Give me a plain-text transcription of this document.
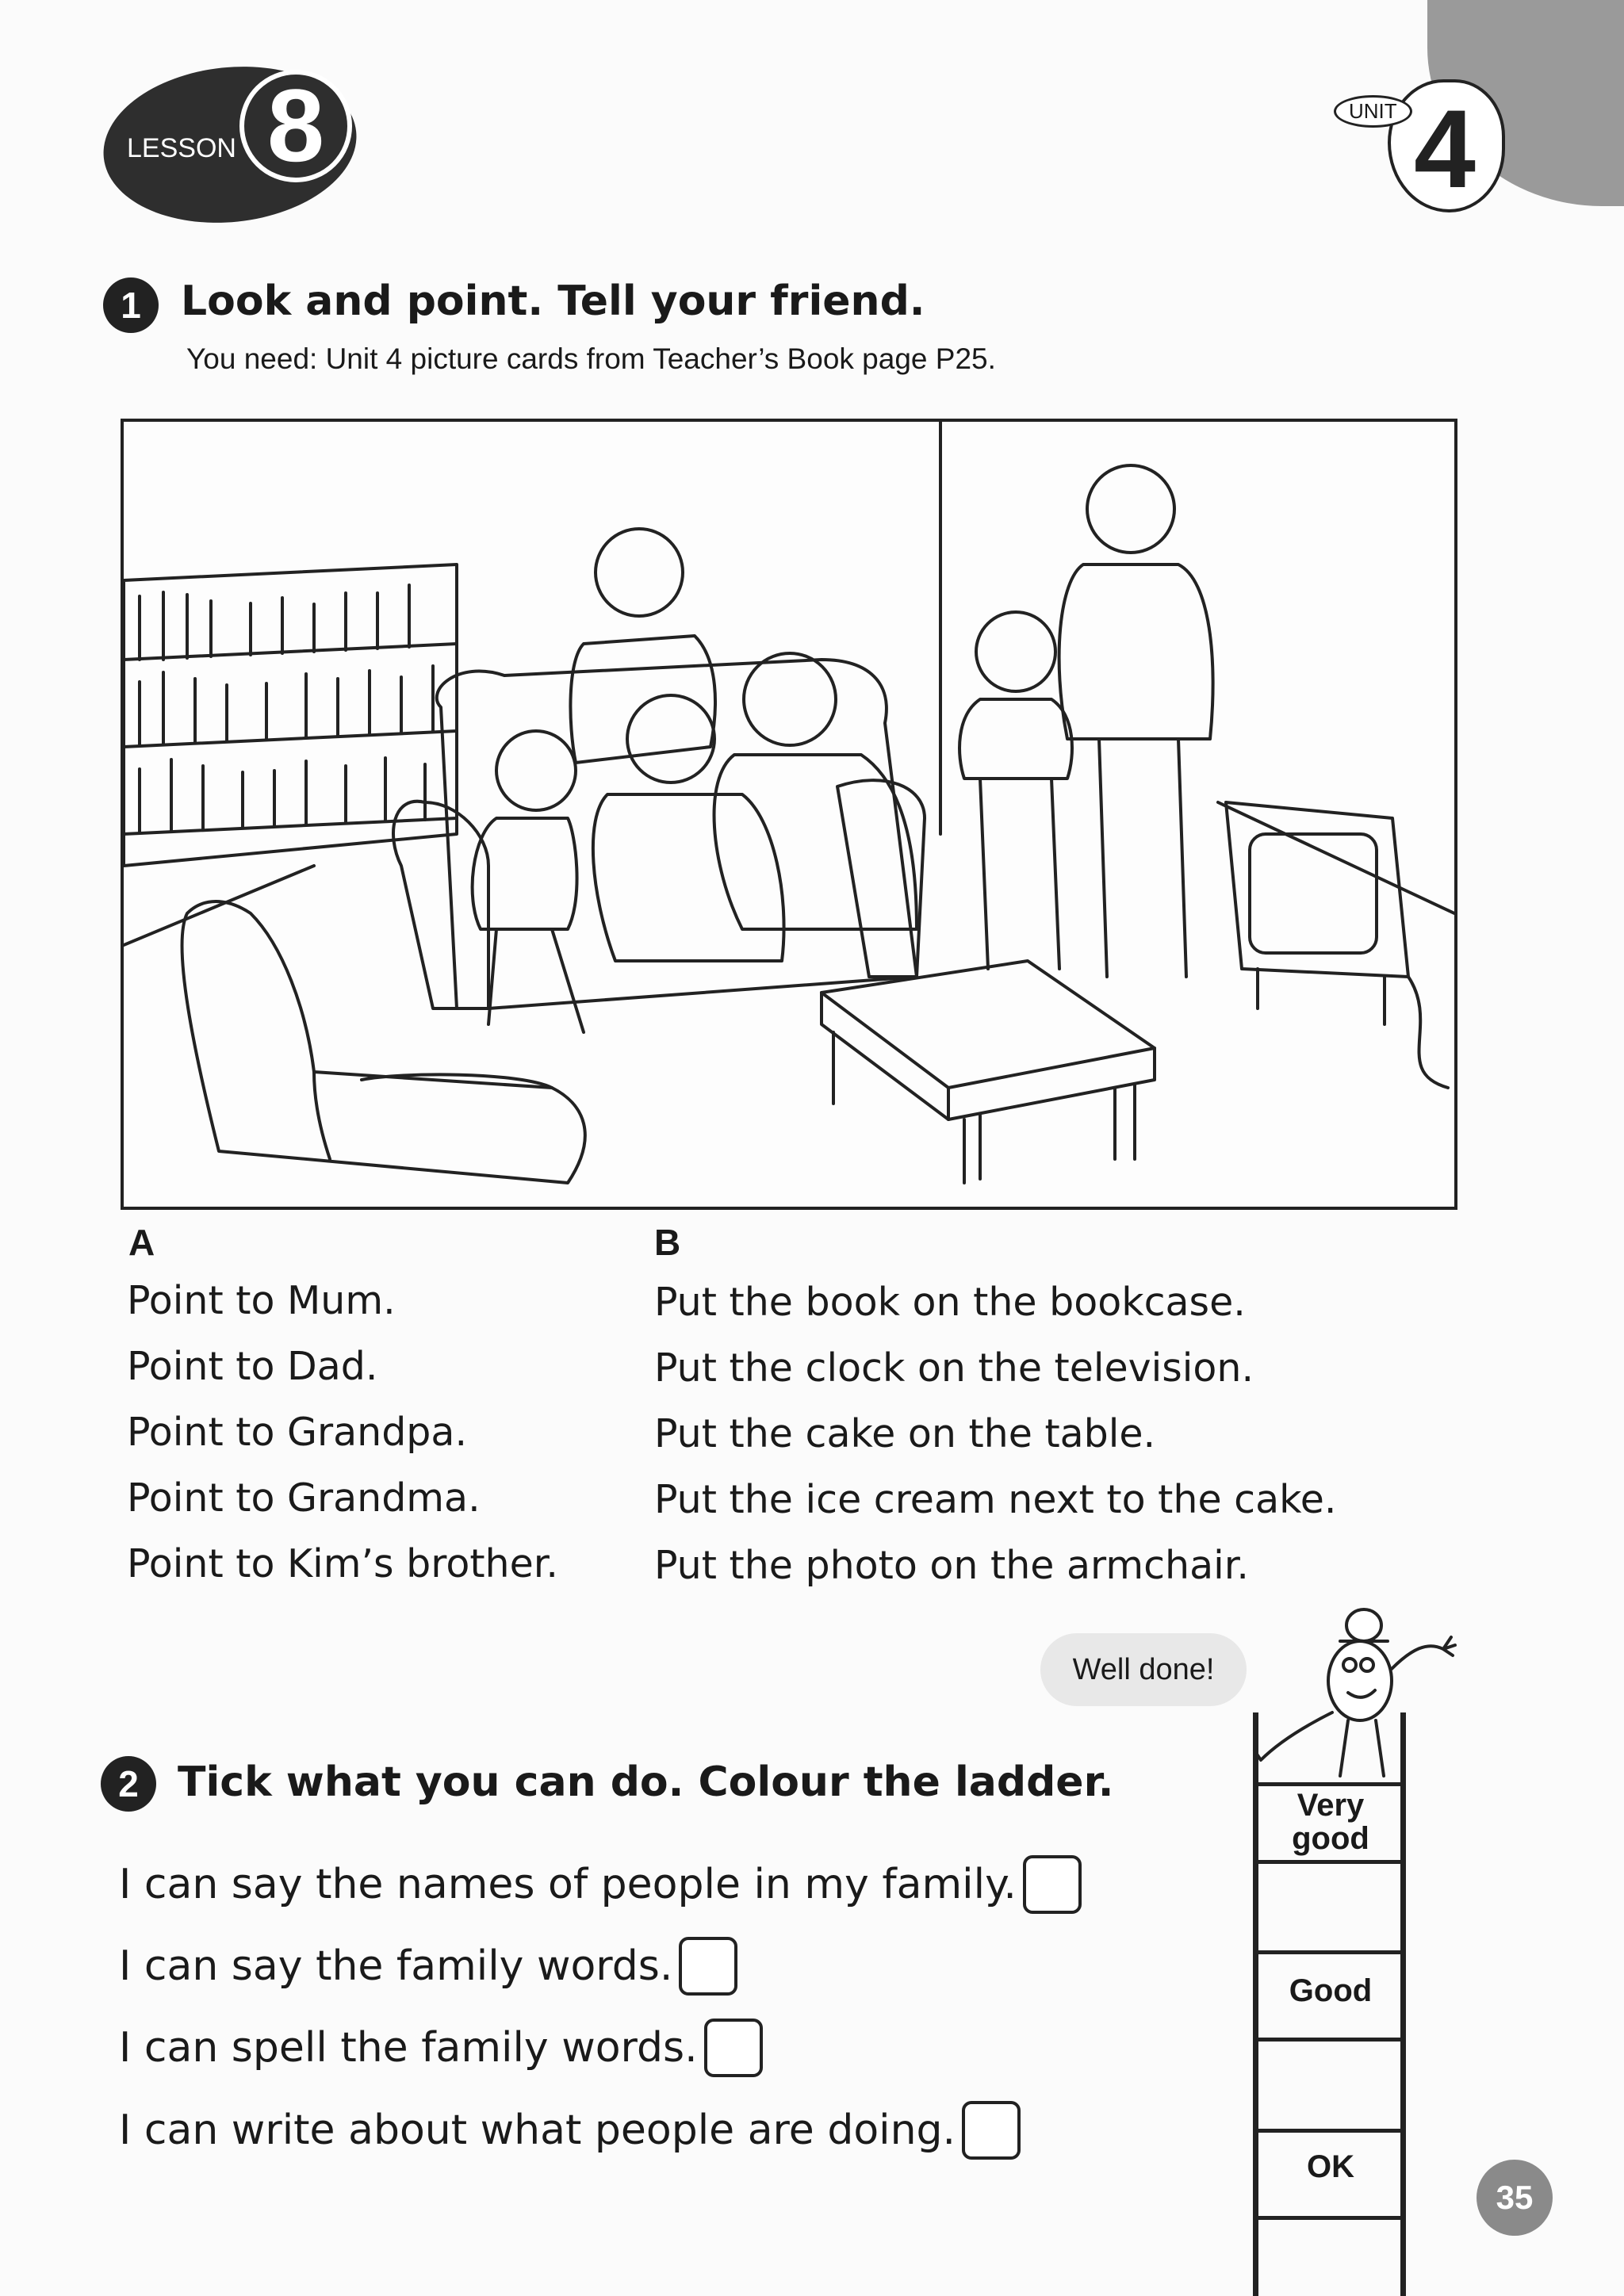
LESSON 8	4
UNIT
1 Look and point. Tell your friend.
You need: Unit 4 picture cards from Teacher’s Book page P25.
A
Point to Mum.
Point to Dad.
Point to Grandpa.
Point to Grandma.
Point to Kim’s brother.
B
Put the book on the bookcase.
Put the clock on the television.
Put the cake on the table.
Put the ice cream next to the cake.
Put the photo on the armchair.
Well done!
2 Tick what you can do. Colour the ladder.
I can say the names of people in my family.
I can say the family words.
I can spell the family words.
I can write about what people are doing.
Very good
Good
OK
35
